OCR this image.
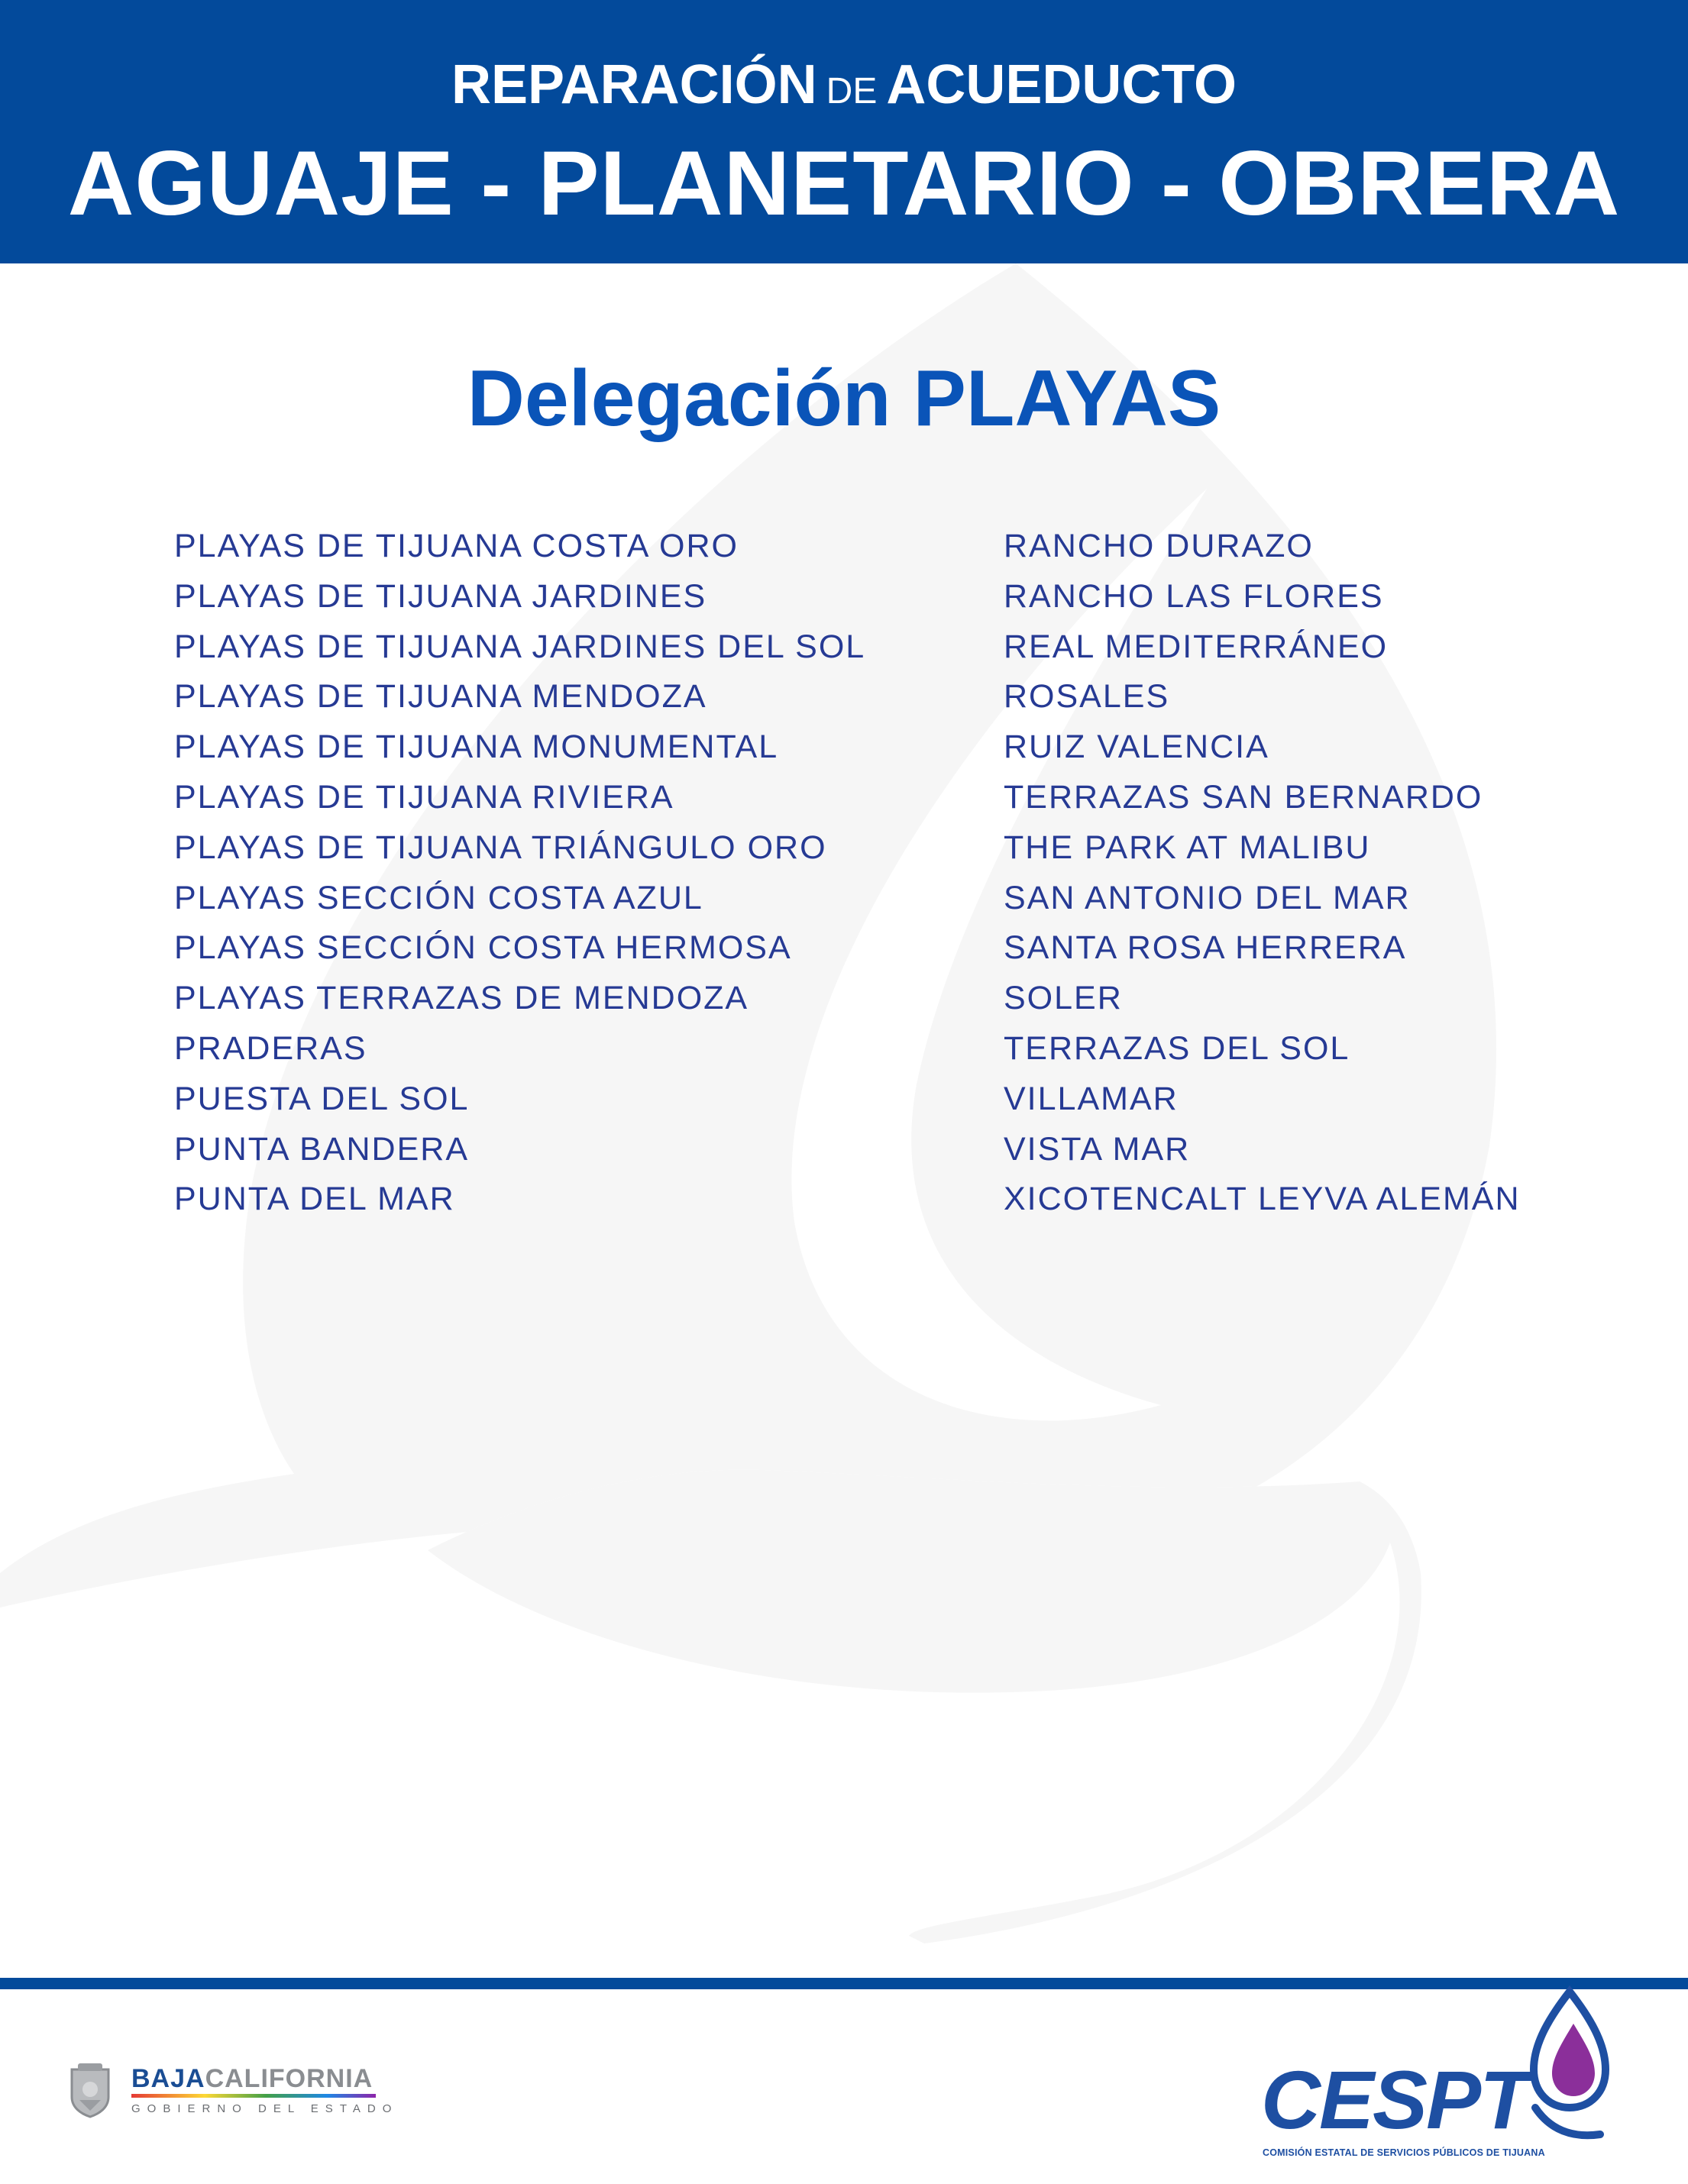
REPARACIÓN DE ACUEDUCTO
AGUAJE - PLANETARIO - OBRERA
Delegación PLAYAS
PLAYAS DE TIJUANA COSTA ORO
PLAYAS DE TIJUANA JARDINES
PLAYAS DE TIJUANA JARDINES DEL SOL
PLAYAS DE TIJUANA MENDOZA
PLAYAS DE TIJUANA MONUMENTAL
PLAYAS DE TIJUANA RIVIERA
PLAYAS DE TIJUANA TRIÁNGULO ORO
PLAYAS SECCIÓN COSTA AZUL
PLAYAS SECCIÓN COSTA HERMOSA
PLAYAS TERRAZAS DE MENDOZA
PRADERAS
PUESTA DEL SOL
PUNTA BANDERA
PUNTA DEL MAR
RANCHO DURAZO
RANCHO LAS FLORES
REAL MEDITERRÁNEO
ROSALES
RUIZ VALENCIA
TERRAZAS SAN BERNARDO
THE PARK AT MALIBU
SAN ANTONIO DEL MAR
SANTA ROSA HERRERA
SOLER
TERRAZAS DEL SOL
VILLAMAR
VISTA MAR
XICOTENCALT LEYVA ALEMÁN
BAJACALIFORNIA
GOBIERNO DEL ESTADO	CESPT
COMISIÓN ESTATAL DE SERVICIOS PÚBLICOS DE TIJUANA
